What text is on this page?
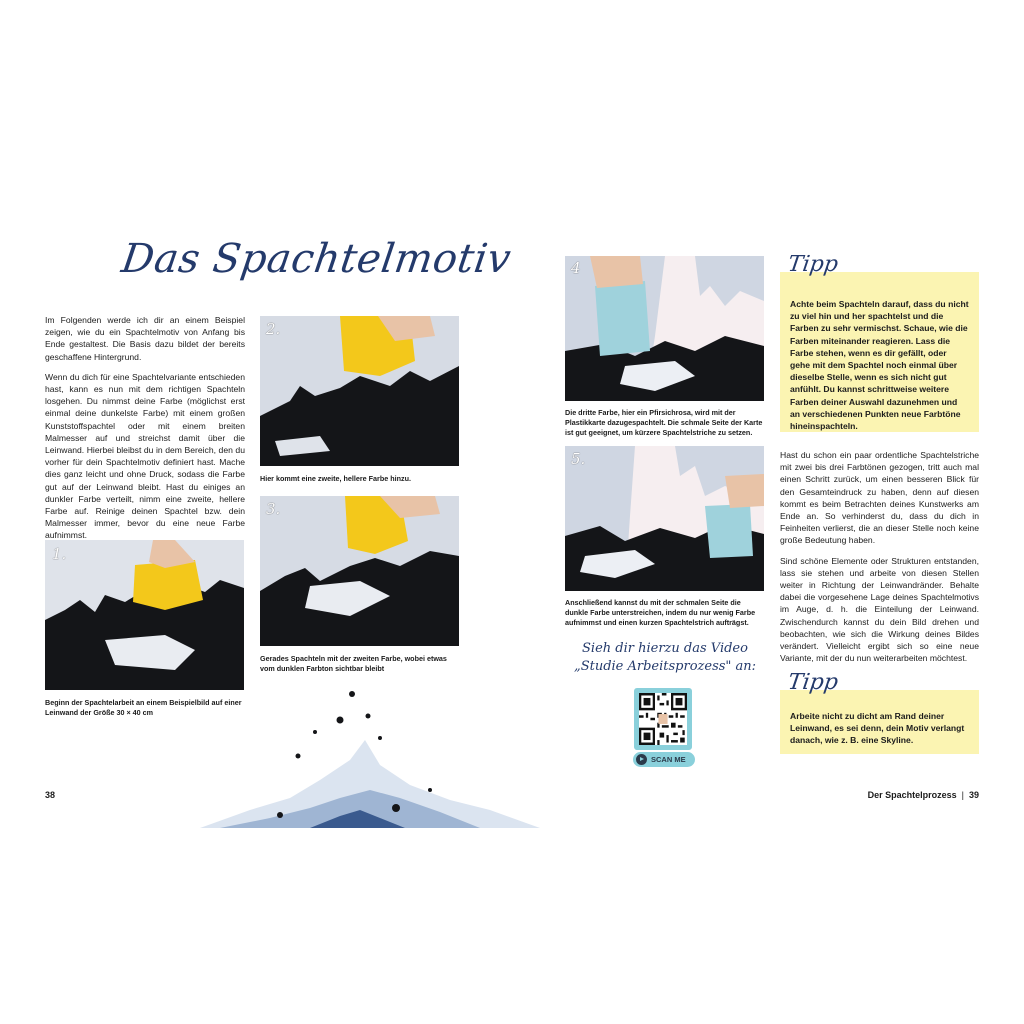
Das Spachtelmotiv

Im Folgenden werde ich dir an einem Beispiel zeigen, wie du ein Spachtelmotiv von Anfang bis Ende gestaltest. Die Basis dazu bildet der bereits geschaffene Hintergrund.

Wenn du dich für eine Spachtelvariante entschieden hast, kann es nun mit dem richtigen Spachteln losgehen. Du nimmst deine Farbe (möglichst erst einmal deine dunkelste Farbe) mit einem großen Kunststoffspachtel oder mit einem breiten Malmesser auf und streichst damit über die Leinwand. Hierbei bleibst du in dem Bereich, den du vorher für dein Spachtelmotiv definiert hast. Mache dies ganz leicht und ohne Druck, sodass die Farbe gut auf der Leinwand bleibt. Hast du einiges an dunkler Farbe verteilt, nimm eine zweite, hellere Farbe auf. Reinige deinen Spachtel bzw. dein Malmesser immer, bevor du eine neue Farbe aufnimmst.

1.
Beginn der Spachtelarbeit an einem Beispielbild auf einer Leinwand der Größe 30 × 40 cm
2.
Hier kommt eine zweite, hellere Farbe hinzu.
3.
Gerades Spachteln mit der zweiten Farbe, wobei etwas vom dunklen Farbton sichtbar bleibt
38
4
Die dritte Farbe, hier ein Pfirsichrosa, wird mit der Plastikkarte dazugespachtelt. Die schmale Seite der Karte ist gut geeignet, um kürzere Spachtelstriche zu setzen.
5.
Anschließend kannst du mit der schmalen Seite die dunkle Farbe unterstreichen, indem du nur wenig Farbe aufnimmst und einen kurzen Spachtelstrich aufträgst.
Sieh dir hierzu das Video
„Studie Arbeitsprozess" an:
SCAN ME
Achte beim Spachteln darauf, dass du nicht zu viel hin und her spachtelst und die Farben zu sehr vermischst. Schaue, wie die Farben miteinander reagieren. Lass die Farbe stehen, wenn es dir gefällt, oder gehe mit dem Spachtel noch einmal über dieselbe Stelle, wenn es sich nicht gut anfühlt. Du kannst schrittweise weitere Farben deiner Auswahl dazunehmen und an verschiedenen Punkten neue Farbtöne hineinspachteln.
Tipp

Hast du schon ein paar ordentliche Spachtelstriche mit zwei bis drei Farbtönen gezogen, tritt auch mal einen Schritt zurück, um einen besseren Blick für den Gesamteindruck zu haben, denn auf diesen kommt es beim Betrachten deines Kunstwerks am Ende an. So verhinderst du, dass du dich in Feinheiten verlierst, die an dieser Stelle noch keine große Bedeutung haben.

Sind schöne Elemente oder Strukturen entstanden, lass sie stehen und arbeite von diesen Stellen weiter in Richtung der Leinwandränder. Behalte dabei die vorgesehene Lage deines Spachtelmotivs im Auge, d. h. die Einteilung der Leinwand. Zwischendurch kannst du dein Bild drehen und beobachten, wie sich die Wirkung deines Bildes verändert. Vielleicht ergibt sich so eine neue Variante, mit der du nun weiterarbeiten möchtest.

Arbeite nicht zu dicht am Rand deiner Leinwand, es sei denn, dein Motiv verlangt danach, wie z. B. eine Skyline.
Tipp
Der Spachtelprozess | 39
